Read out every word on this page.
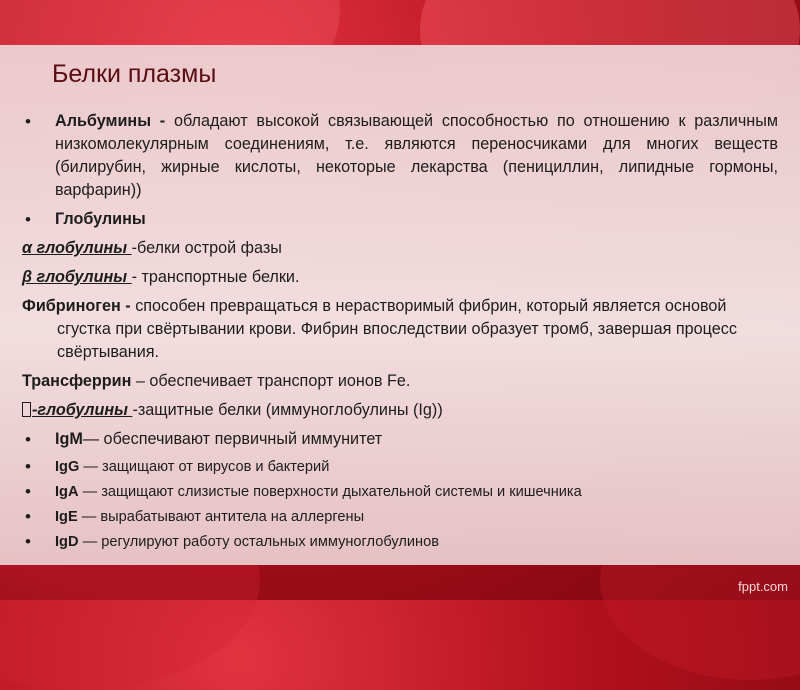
Белки плазмы

• Альбумины - обладают высокой связывающей способностью по отношению к различным низкомолекулярным соединениям, т.е. являются переносчиками для многих веществ (билирубин, жирные кислоты, некоторые лекарства (пенициллин, липидные гормоны, варфарин))

• Глобулины

α глобулины -белки острой фазы

β глобулины - транспортные белки.

Фибриноген - способен превращаться в нерастворимый фибрин, который является основой сгустка при свёртывании крови. Фибрин впоследствии образует тромб, завершая процесс свёртывания.

Трансферрин – обеспечивает транспорт ионов Fe.

-глобулины -защитные белки (иммуноглобулины (Ig))

• IgM— обеспечивают первичный иммунитет

• IgG — защищают от вирусов и бактерий

• IgA — защищают слизистые поверхности дыхательной системы и кишечника

• IgE — вырабатывают антитела на аллергены

• IgD — регулируют работу остальных иммуноглобулинов

fppt.com
